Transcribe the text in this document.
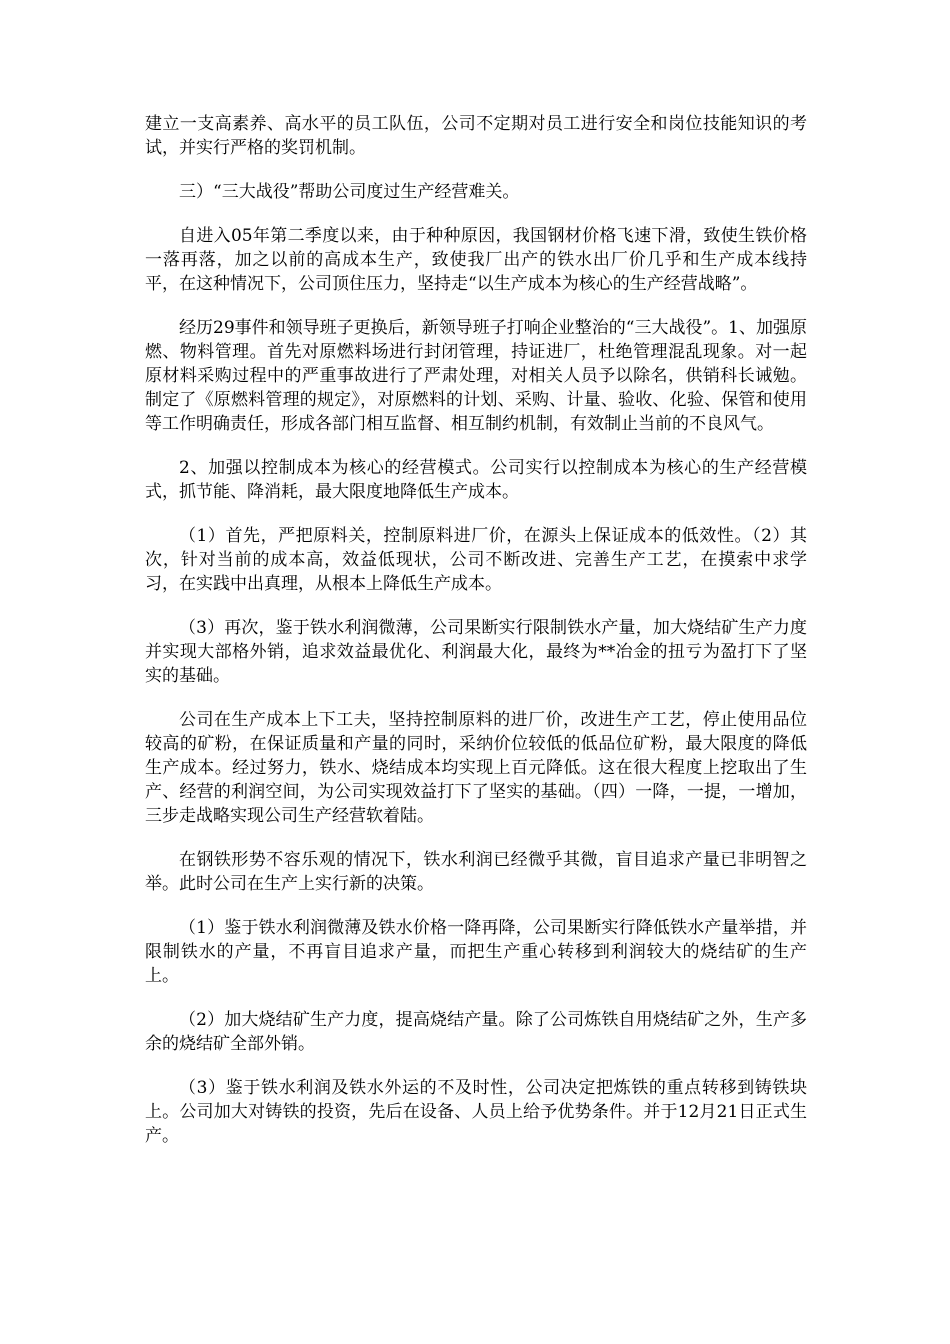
建立一支高素养、高水平的员工队伍，公司不定期对员工进行安全和岗位技能知识的考试，并实行严格的奖罚机制。

三）“三大战役”帮助公司度过生产经营难关。

自进入05年第二季度以来，由于种种原因，我国钢材价格飞速下滑，致使生铁价格一落再落，加之以前的高成本生产，致使我厂出产的铁水出厂价几乎和生产成本线持平，在这种情况下，公司顶住压力，坚持走“以生产成本为核心的生产经营战略”。

经历29事件和领导班子更换后，新领导班子打响企业整治的“三大战役”。1、加强原燃、物料管理。首先对原燃料场进行封闭管理，持证进厂，杜绝管理混乱现象。对一起原材料采购过程中的严重事故进行了严肃处理，对相关人员予以除名，供销科长诫勉。制定了《原燃料管理的规定》，对原燃料的计划、采购、计量、验收、化验、保管和使用等工作明确责任，形成各部门相互监督、相互制约机制，有效制止当前的不良风气。

2、加强以控制成本为核心的经营模式。公司实行以控制成本为核心的生产经营模式，抓节能、降消耗，最大限度地降低生产成本。

（1）首先，严把原料关，控制原料进厂价，在源头上保证成本的低效性。（2）其次，针对当前的成本高，效益低现状，公司不断改进、完善生产工艺，在摸索中求学习，在实践中出真理，从根本上降低生产成本。

（3）再次，鉴于铁水利润微薄，公司果断实行限制铁水产量，加大烧结矿生产力度并实现大部格外销，追求效益最优化、利润最大化，最终为**冶金的扭亏为盈打下了坚实的基础。

公司在生产成本上下工夫，坚持控制原料的进厂价，改进生产工艺，停止使用品位较高的矿粉，在保证质量和产量的同时，采纳价位较低的低品位矿粉，最大限度的降低生产成本。经过努力，铁水、烧结成本均实现上百元降低。这在很大程度上挖取出了生产、经营的利润空间，为公司实现效益打下了坚实的基础。（四）一降，一提，一增加，三步走战略实现公司生产经营软着陆。

在钢铁形势不容乐观的情况下，铁水利润已经微乎其微，盲目追求产量已非明智之举。此时公司在生产上实行新的决策。

（1）鉴于铁水利润微薄及铁水价格一降再降，公司果断实行降低铁水产量举措，并限制铁水的产量，不再盲目追求产量，而把生产重心转移到利润较大的烧结矿的生产上。

（2）加大烧结矿生产力度，提高烧结产量。除了公司炼铁自用烧结矿之外，生产多余的烧结矿全部外销。

（3）鉴于铁水利润及铁水外运的不及时性，公司决定把炼铁的重点转移到铸铁块上。公司加大对铸铁的投资，先后在设备、人员上给予优势条件。并于12月21日正式生产。
